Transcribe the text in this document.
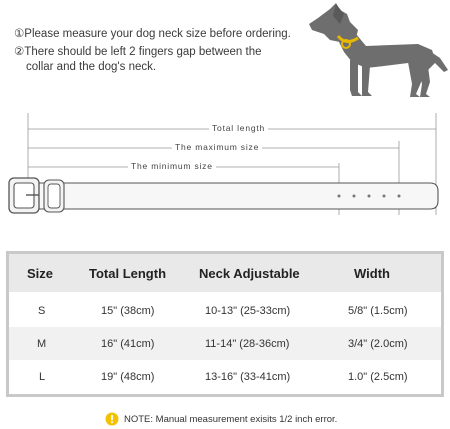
①Please measure your dog neck size before ordering.
②There should be left 2 fingers gap between the
collar and the dog's neck.
Total length
The maximum size
The minimum size
Size	Total Length	Neck Adjustable	Width
S	15" (38cm)	10-13" (25-33cm)	5/8" (1.5cm)
M	16" (41cm)	11-14" (28-36cm)	3/4" (2.0cm)
L	19" (48cm)	13-16" (33-41cm)	1.0" (2.5cm)
NOTE: Manual measurement exisits 1/2 inch error.
